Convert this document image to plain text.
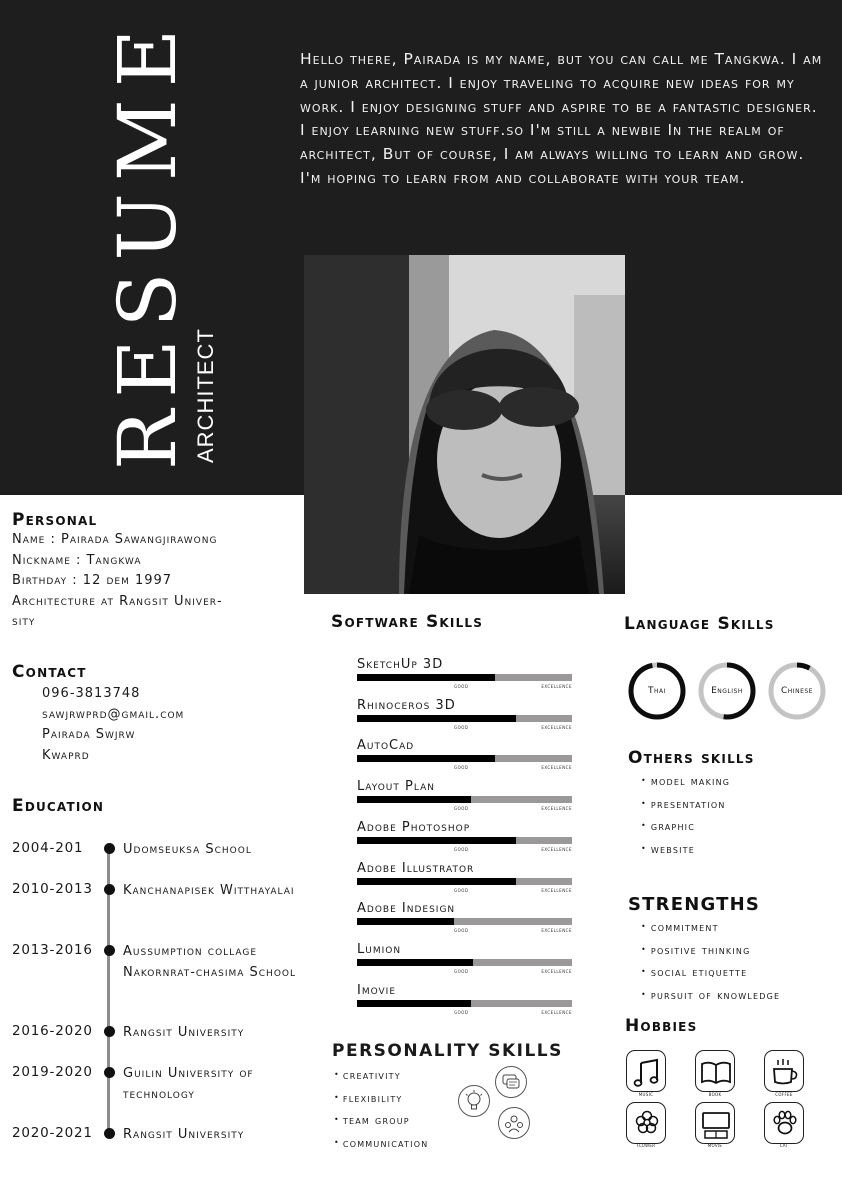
RESUME ARCHITECT
Hello there, Pairada is my name, but you can call me Tangkwa. I am a junior architect. I enjoy traveling to acquire new ideas for my work. I enjoy designing stuff and aspire to be a fantastic designer. I enjoy learning new stuff.so I'm still a newbie In the realm of architect, But of course, I am always willing to learn and grow. I'm hoping to learn from and collaborate with your team.
Personal
Name : Pairada Sawangjirawong
Nickname : Tangkwa
Birthday : 12 dem 1997
Architecture at Rangsit Univer-
sity
Contact
096-3813748
sawjrwprd@gmail.com
Pairada Swjrw
Kwaprd
Education
2004-201	Udomseuksa School
2010-2013 Kanchanapisek Witthayalai
2013-2016 Aussumption collage Nakornrat-chasima School
2016-2020 Rangsit University
2019-2020 Guilin University of technology
2020-2021 Rangsit University
Software Skills
SketchUp 3D
good	excellence
Rhinoceros 3D
good	excellence
AutoCad
good	excellence
Layout Plan
good	excellence
Adobe Photoshop
good	excellence
Adobe Illustrator
good	excellence
Adobe Indesign
good	excellence
Lumion
good	excellence
Imovie
good	excellence
Language Skills
Thai	English	Chinese
Others skills
• model making
• presentation
• graphic
• website
STRENGTHS
• commitment
• positive thinking
• social etiquette
• pursuit of knowledge
PERSONALITY SKILLS
• creativity
• flexibility
• team group
• communication
Hobbies
music	book	coffee
flower	movie	cat
